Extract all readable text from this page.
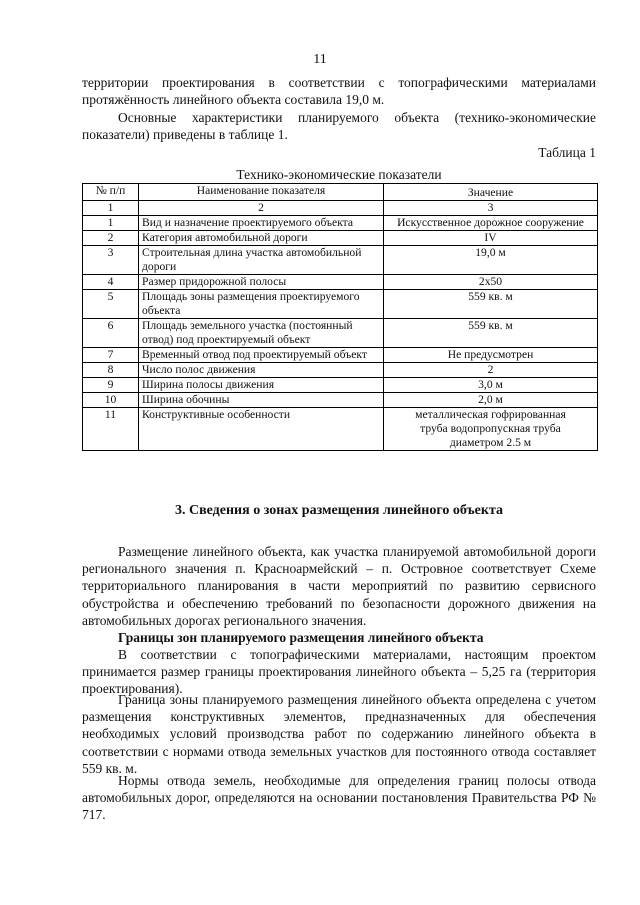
11

территории проектирования в соответствии с топографическими материалами протяжённость линейного объекта составила 19,0 м.

Основные характеристики планируемого объекта (технико-экономические показатели) приведены в таблице 1.

Таблица 1

Технико-экономические показатели

№ п/п	Наименование показателя	Значение
1	2	3
1	Вид и назначение проектируемого объекта	Искусственное дорожное сооружение
2	Категория автомобильной дороги	IV
3	Строительная длина участка автомобильной дороги	19,0 м
4	Размер придорожной полосы	2х50
5	Площадь зоны размещения проектируемого объекта	559 кв. м
6	Площадь земельного участка (постоянный отвод) под проектируемый объект	559 кв. м
7	Временный отвод под проектируемый объект	Не предусмотрен
8	Число полос движения	2
9	Ширина полосы движения	3,0 м
10	Ширина обочины	2,0 м
11	Конструктивные особенности	металлическая гофрированная труба водопропускная труба диаметром 2.5 м

3. Сведения о зонах размещения линейного объекта

Размещение линейного объекта, как участка планируемой автомобильной дороги регионального значения п. Красноармейский – п. Островное соответствует Схеме территориального планирования в части мероприятий по развитию сервисного обустройства и обеспечению требований по безопасности дорожного движения на автомобильных дорогах регионального значения.

Границы зон планируемого размещения линейного объекта

В соответствии с топографическими материалами, настоящим проектом принимается размер границы проектирования линейного объекта – 5,25 га (территория проектирования).

Граница зоны планируемого размещения линейного объекта определена с учетом размещения конструктивных элементов, предназначенных для обеспечения необходимых условий производства работ по содержанию линейного объекта в соответствии с нормами отвода земельных участков для постоянного отвода составляет 559 кв. м.

Нормы отвода земель, необходимые для определения границ полосы отвода автомобильных дорог, определяются на основании постановления Правительства РФ № 717.
